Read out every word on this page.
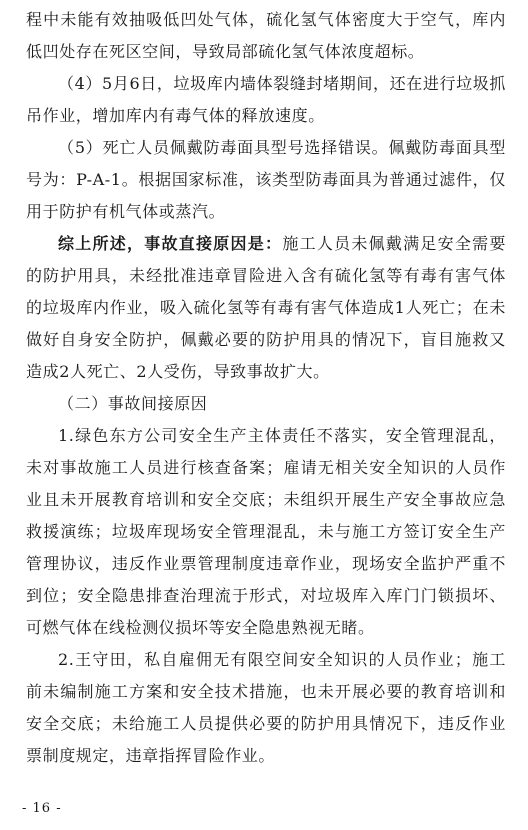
程中未能有效抽吸低凹处气体，硫化氢气体密度大于空气，库内低凹处存在死区空间，导致局部硫化氢气体浓度超标。

（4）5月6日，垃圾库内墙体裂缝封堵期间，还在进行垃圾抓吊作业，增加库内有毒气体的释放速度。

（5）死亡人员佩戴防毒面具型号选择错误。佩戴防毒面具型号为：P-A-1。根据国家标准，该类型防毒面具为普通过滤件，仅用于防护有机气体或蒸汽。

综上所述，事故直接原因是：施工人员未佩戴满足安全需要的防护用具，未经批准违章冒险进入含有硫化氢等有毒有害气体的垃圾库内作业，吸入硫化氢等有毒有害气体造成1人死亡；在未做好自身安全防护，佩戴必要的防护用具的情况下，盲目施救又造成2人死亡、2人受伤，导致事故扩大。

（二）事故间接原因

1.绿色东方公司安全生产主体责任不落实，安全管理混乱，未对事故施工人员进行核查备案；雇请无相关安全知识的人员作业且未开展教育培训和安全交底；未组织开展生产安全事故应急救援演练；垃圾库现场安全管理混乱，未与施工方签订安全生产管理协议，违反作业票管理制度违章作业，现场安全监护严重不到位；安全隐患排查治理流于形式，对垃圾库入库门门锁损坏、可燃气体在线检测仪损坏等安全隐患熟视无睹。

2.王守田，私自雇佣无有限空间安全知识的人员作业；施工前未编制施工方案和安全技术措施，也未开展必要的教育培训和安全交底；未给施工人员提供必要的防护用具情况下，违反作业票制度规定，违章指挥冒险作业。

- 16 -
